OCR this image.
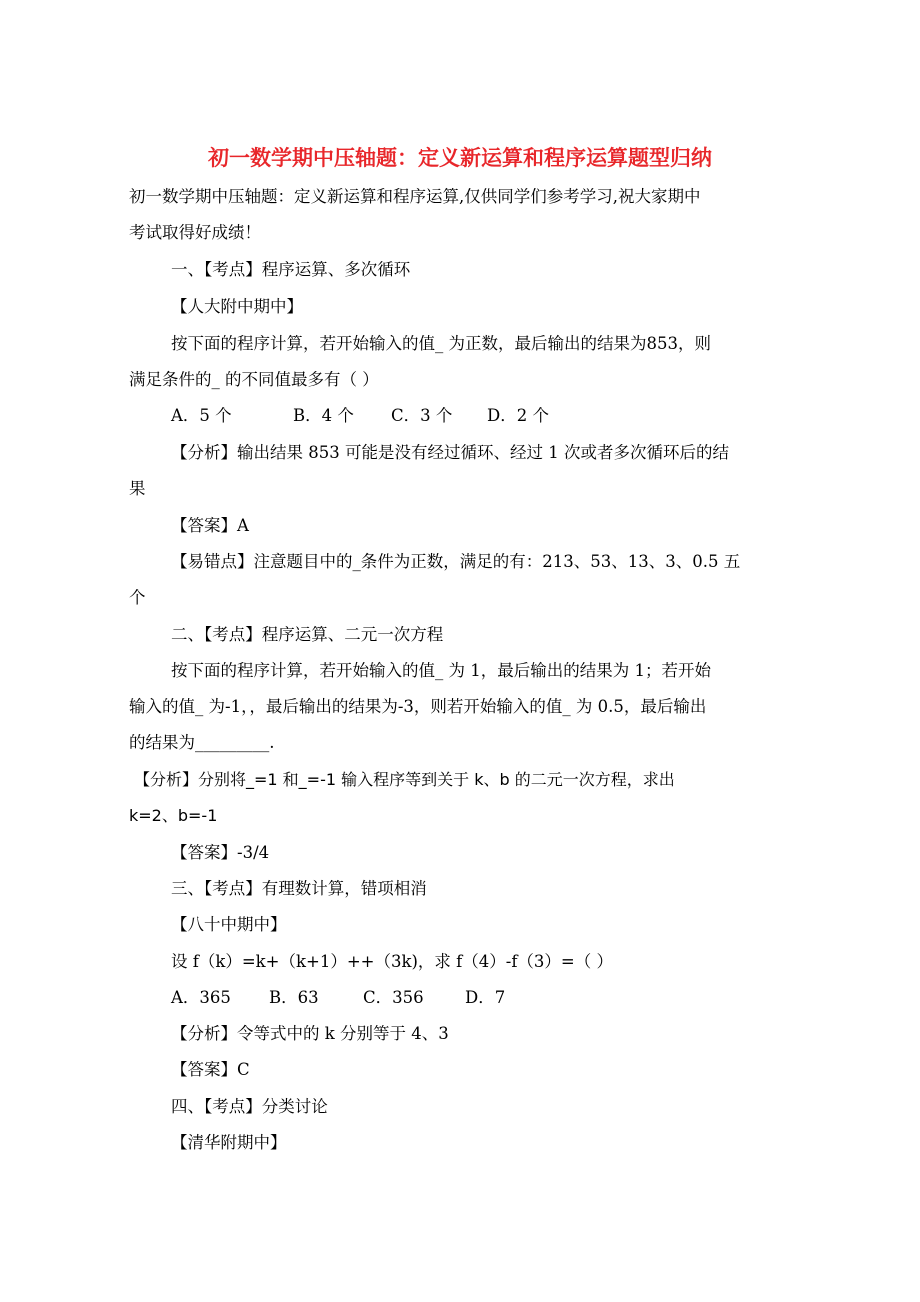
初一数学期中压轴题：定义新运算和程序运算题型归纳
初一数学期中压轴题：定义新运算和程序运算,仅供同学们参考学习,祝大家期中
考试取得好成绩！
一、【考点】程序运算、多次循环
【人大附中期中】
按下面的程序计算，若开始输入的值_ 为正数，最后输出的结果为853，则
满足条件的_ 的不同值最多有（ ）
A．5 个	B．4 个 C．3 个 D．2 个
【分析】输出结果 853 可能是没有经过循环、经过 1 次或者多次循环后的结
果
【答案】A
【易错点】注意题目中的_条件为正数，满足的有：213、53、13、3、0.5 五
个
二、【考点】程序运算、二元一次方程
按下面的程序计算，若开始输入的值_ 为 1，最后输出的结果为 1；若开始
输入的值_ 为-1，，最后输出的结果为-3，则若开始输入的值_ 为 0.5，最后输出
的结果为_________.
【分析】分别将_=1 和_=-1 输入程序等到关于 k、b 的二元一次方程，求出
k=2、b=-1
【答案】-3/4
三、【考点】有理数计算，错项相消
【八十中期中】
设 f（k）=k+（k+1）++（3k)，求 f（4）-f（3）=（ ）
A．365 B．63	C．356	D．7
【分析】令等式中的 k 分别等于 4、3
【答案】C
四、【考点】分类讨论
【清华附期中】
